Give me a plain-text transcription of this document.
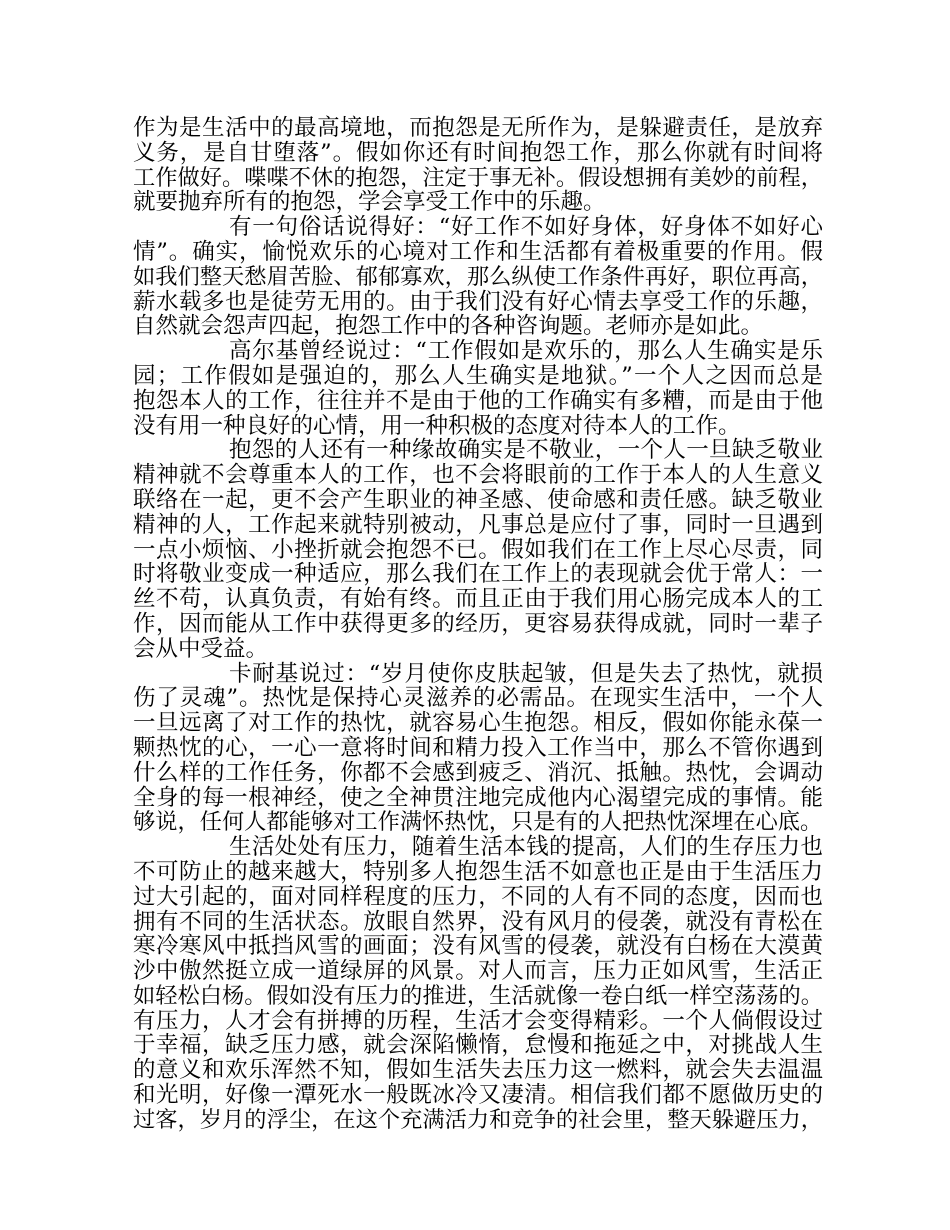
作为是生活中的最高境地，而抱怨是无所作为，是躲避责任，是放弃
义务，是自甘堕落”。假如你还有时间抱怨工作，那么你就有时间将
工作做好。喋喋不休的抱怨，注定于事无补。假设想拥有美妙的前程，
就要抛弃所有的抱怨，学会享受工作中的乐趣。
有一句俗话说得好：“好工作不如好身体，好身体不如好心
情”。确实，愉悦欢乐的心境对工作和生活都有着极重要的作用。假
如我们整天愁眉苦脸、郁郁寡欢，那么纵使工作条件再好，职位再高，
薪水载多也是徒劳无用的。由于我们没有好心情去享受工作的乐趣，
自然就会怨声四起，抱怨工作中的各种咨询题。老师亦是如此。
高尔基曾经说过：“工作假如是欢乐的，那么人生确实是乐
园；工作假如是强迫的，那么人生确实是地狱。”一个人之因而总是
抱怨本人的工作，往往并不是由于他的工作确实有多糟，而是由于他
没有用一种良好的心情，用一种积极的态度对待本人的工作。
抱怨的人还有一种缘故确实是不敬业，一个人一旦缺乏敬业
精神就不会尊重本人的工作，也不会将眼前的工作于本人的人生意义
联络在一起，更不会产生职业的神圣感、使命感和责任感。缺乏敬业
精神的人，工作起来就特别被动，凡事总是应付了事，同时一旦遇到
一点小烦恼、小挫折就会抱怨不已。假如我们在工作上尽心尽责，同
时将敬业变成一种适应，那么我们在工作上的表现就会优于常人：一
丝不苟，认真负责，有始有终。而且正由于我们用心肠完成本人的工
作，因而能从工作中获得更多的经历，更容易获得成就，同时一辈子
会从中受益。
卡耐基说过：“岁月使你皮肤起皱，但是失去了热忱，就损
伤了灵魂”。热忱是保持心灵滋养的必需品。在现实生活中，一个人
一旦远离了对工作的热忱，就容易心生抱怨。相反，假如你能永葆一
颗热忱的心，一心一意将时间和精力投入工作当中，那么不管你遇到
什么样的工作任务，你都不会感到疲乏、消沉、抵触。热忱，会调动
全身的每一根神经，使之全神贯注地完成他内心渴望完成的事情。能
够说，任何人都能够对工作满怀热忱，只是有的人把热忱深埋在心底。
生活处处有压力，随着生活本钱的提高，人们的生存压力也
不可防止的越来越大，特别多人抱怨生活不如意也正是由于生活压力
过大引起的，面对同样程度的压力，不同的人有不同的态度，因而也
拥有不同的生活状态。放眼自然界，没有风月的侵袭，就没有青松在
寒冷寒风中抵挡风雪的画面；没有风雪的侵袭，就没有白杨在大漠黄
沙中傲然挺立成一道绿屏的风景。对人而言，压力正如风雪，生活正
如轻松白杨。假如没有压力的推进，生活就像一卷白纸一样空荡荡的。
有压力，人才会有拼搏的历程，生活才会变得精彩。一个人倘假设过
于幸福，缺乏压力感，就会深陷懒惰，怠慢和拖延之中，对挑战人生
的意义和欢乐浑然不知，假如生活失去压力这一燃料，就会失去温温
和光明，好像一潭死水一般既冰冷又凄清。相信我们都不愿做历史的
过客，岁月的浮尘，在这个充满活力和竞争的社会里，整天躲避压力，
